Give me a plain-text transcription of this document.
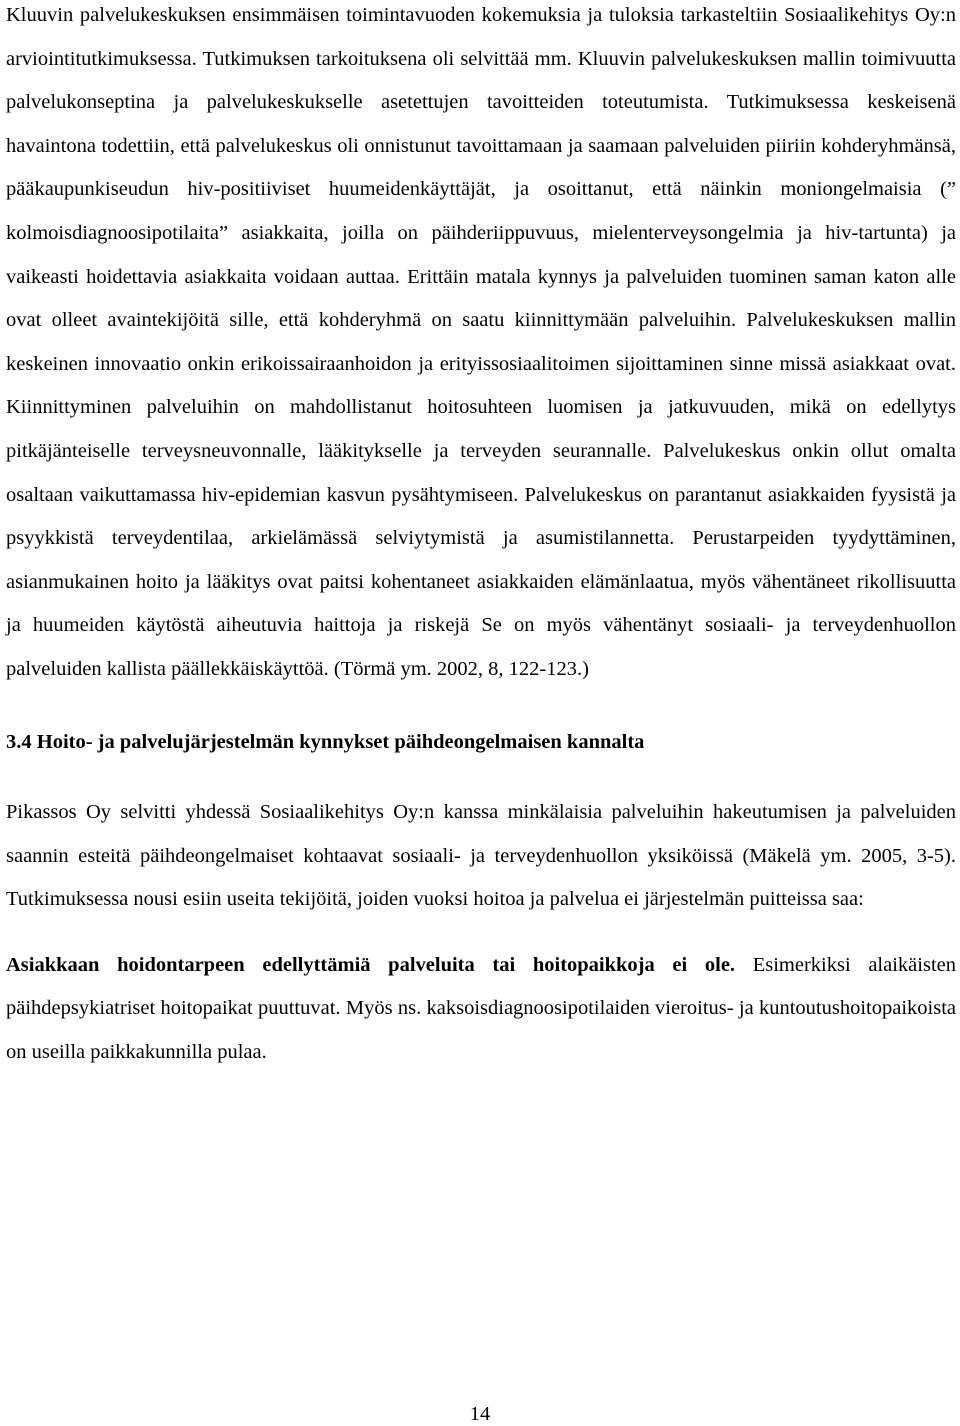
Kluuvin palvelukeskuksen ensimmäisen toimintavuoden kokemuksia ja tuloksia tarkasteltiin Sosiaalikehitys Oy:n arviointitutkimuksessa. Tutkimuksen tarkoituksena oli selvittää mm. Kluuvin palvelukeskuksen mallin toimivuutta palvelukonseptina ja palvelukeskukselle asetettujen tavoitteiden toteutumista. Tutkimuksessa keskeisenä havaintona todettiin, että palvelukeskus oli onnistunut tavoittamaan ja saamaan palveluiden piiriin kohderyhmänsä, pääkaupunkiseudun hiv-positiiviset huumeidenkäyttäjät, ja osoittanut, että näinkin moniongelmaisia (” kolmoisdiagnoosipotilaita” asiakkaita, joilla on päihderiippuvuus, mielenterveysongelmia ja hiv-tartunta) ja vaikeasti hoidettavia asiakkaita voidaan auttaa. Erittäin matala kynnys ja palveluiden tuominen saman katon alle ovat olleet avaintekijöitä sille, että kohderyhmä on saatu kiinnittymään palveluihin. Palvelukeskuksen mallin keskeinen innovaatio onkin erikoissairaanhoidon ja erityissosiaalitoimen sijoittaminen sinne missä asiakkaat ovat. Kiinnittyminen palveluihin on mahdollistanut hoitosuhteen luomisen ja jatkuvuuden, mikä on edellytys pitkäjänteiselle terveysneuvonnalle, lääkitykselle ja terveyden seurannalle. Palvelukeskus onkin ollut omalta osaltaan vaikuttamassa hiv-epidemian kasvun pysähtymiseen. Palvelukeskus on parantanut asiakkaiden fyysistä ja psyykkistä terveydentilaa, arkielämässä selviytymistä ja asumistilannetta. Perustarpeiden tyydyttäminen, asianmukainen hoito ja lääkitys ovat paitsi kohentaneet asiakkaiden elämänlaatua, myös vähentäneet rikollisuutta ja huumeiden käytöstä aiheutuvia haittoja ja riskejä Se on myös vähentänyt sosiaali- ja terveydenhuollon palveluiden kallista päällekkäiskäyttöä. (Törmä ym. 2002, 8, 122-123.)

3.4 Hoito- ja palvelujärjestelmän kynnykset päihdeongelmaisen kannalta

Pikassos Oy selvitti yhdessä Sosiaalikehitys Oy:n kanssa minkälaisia palveluihin hakeutumisen ja palveluiden saannin esteitä päihdeongelmaiset kohtaavat sosiaali- ja terveydenhuollon yksiköissä (Mäkelä ym. 2005, 3-5). Tutkimuksessa nousi esiin useita tekijöitä, joiden vuoksi hoitoa ja palvelua ei järjestelmän puitteissa saa:

Asiakkaan hoidontarpeen edellyttämiä palveluita tai hoitopaikkoja ei ole. Esimerkiksi alaikäisten päihdepsykiatriset hoitopaikat puuttuvat. Myös ns. kaksoisdiagnoosipotilaiden vieroitus- ja kuntoutushoitopaikoista on useilla paikkakunnilla pulaa.

14
